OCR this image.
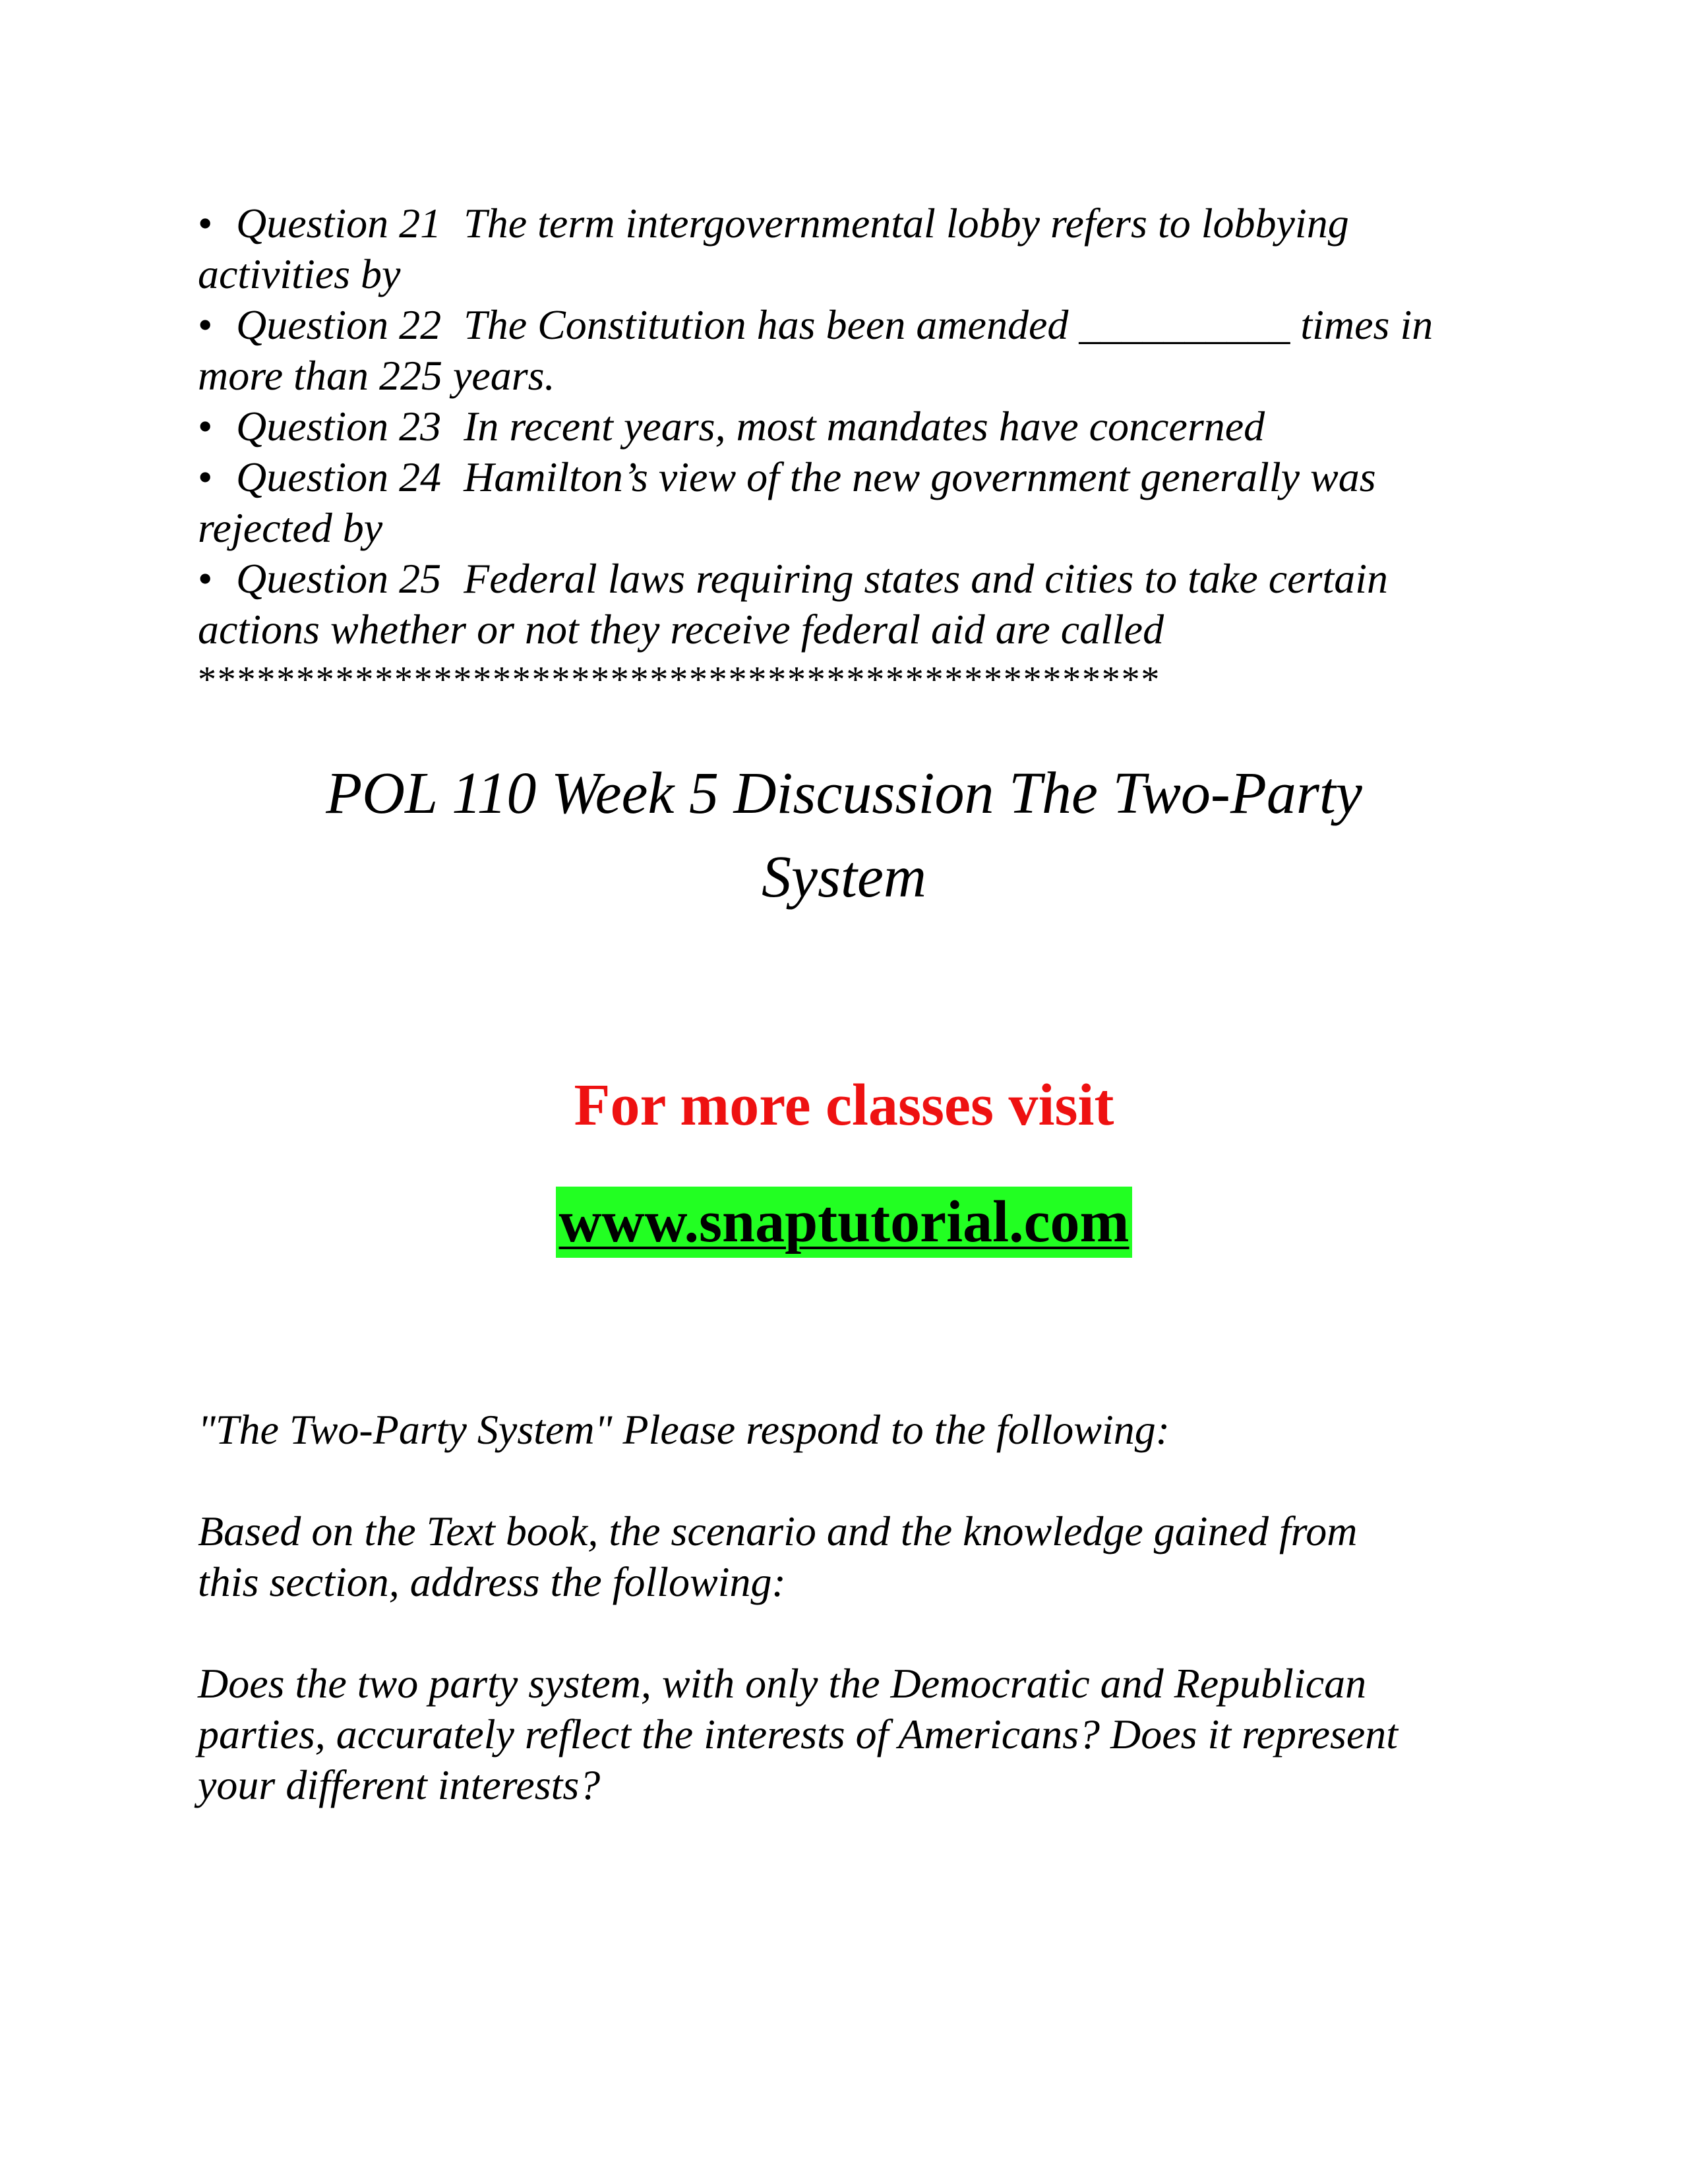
• Question 21 The term intergovernmental lobby refers to lobbying
activities by
• Question 22 The Constitution has been amended __________ times in
more than 225 years.
• Question 23 In recent years, most mandates have concerned
• Question 24 Hamilton’s view of the new government generally was
rejected by
• Question 25 Federal laws requiring states and cities to take certain
actions whether or not they receive federal aid are called
*************************************************
POL 110 Week 5 Discussion The Two-Party
System
For more classes visit
www.snaptutorial.com

"The Two-Party System" Please respond to the following:

Based on the Text book, the scenario and the knowledge gained from
this section, address the following:

Does the two party system, with only the Democratic and Republican
parties, accurately reflect the interests of Americans? Does it represent
your different interests?
